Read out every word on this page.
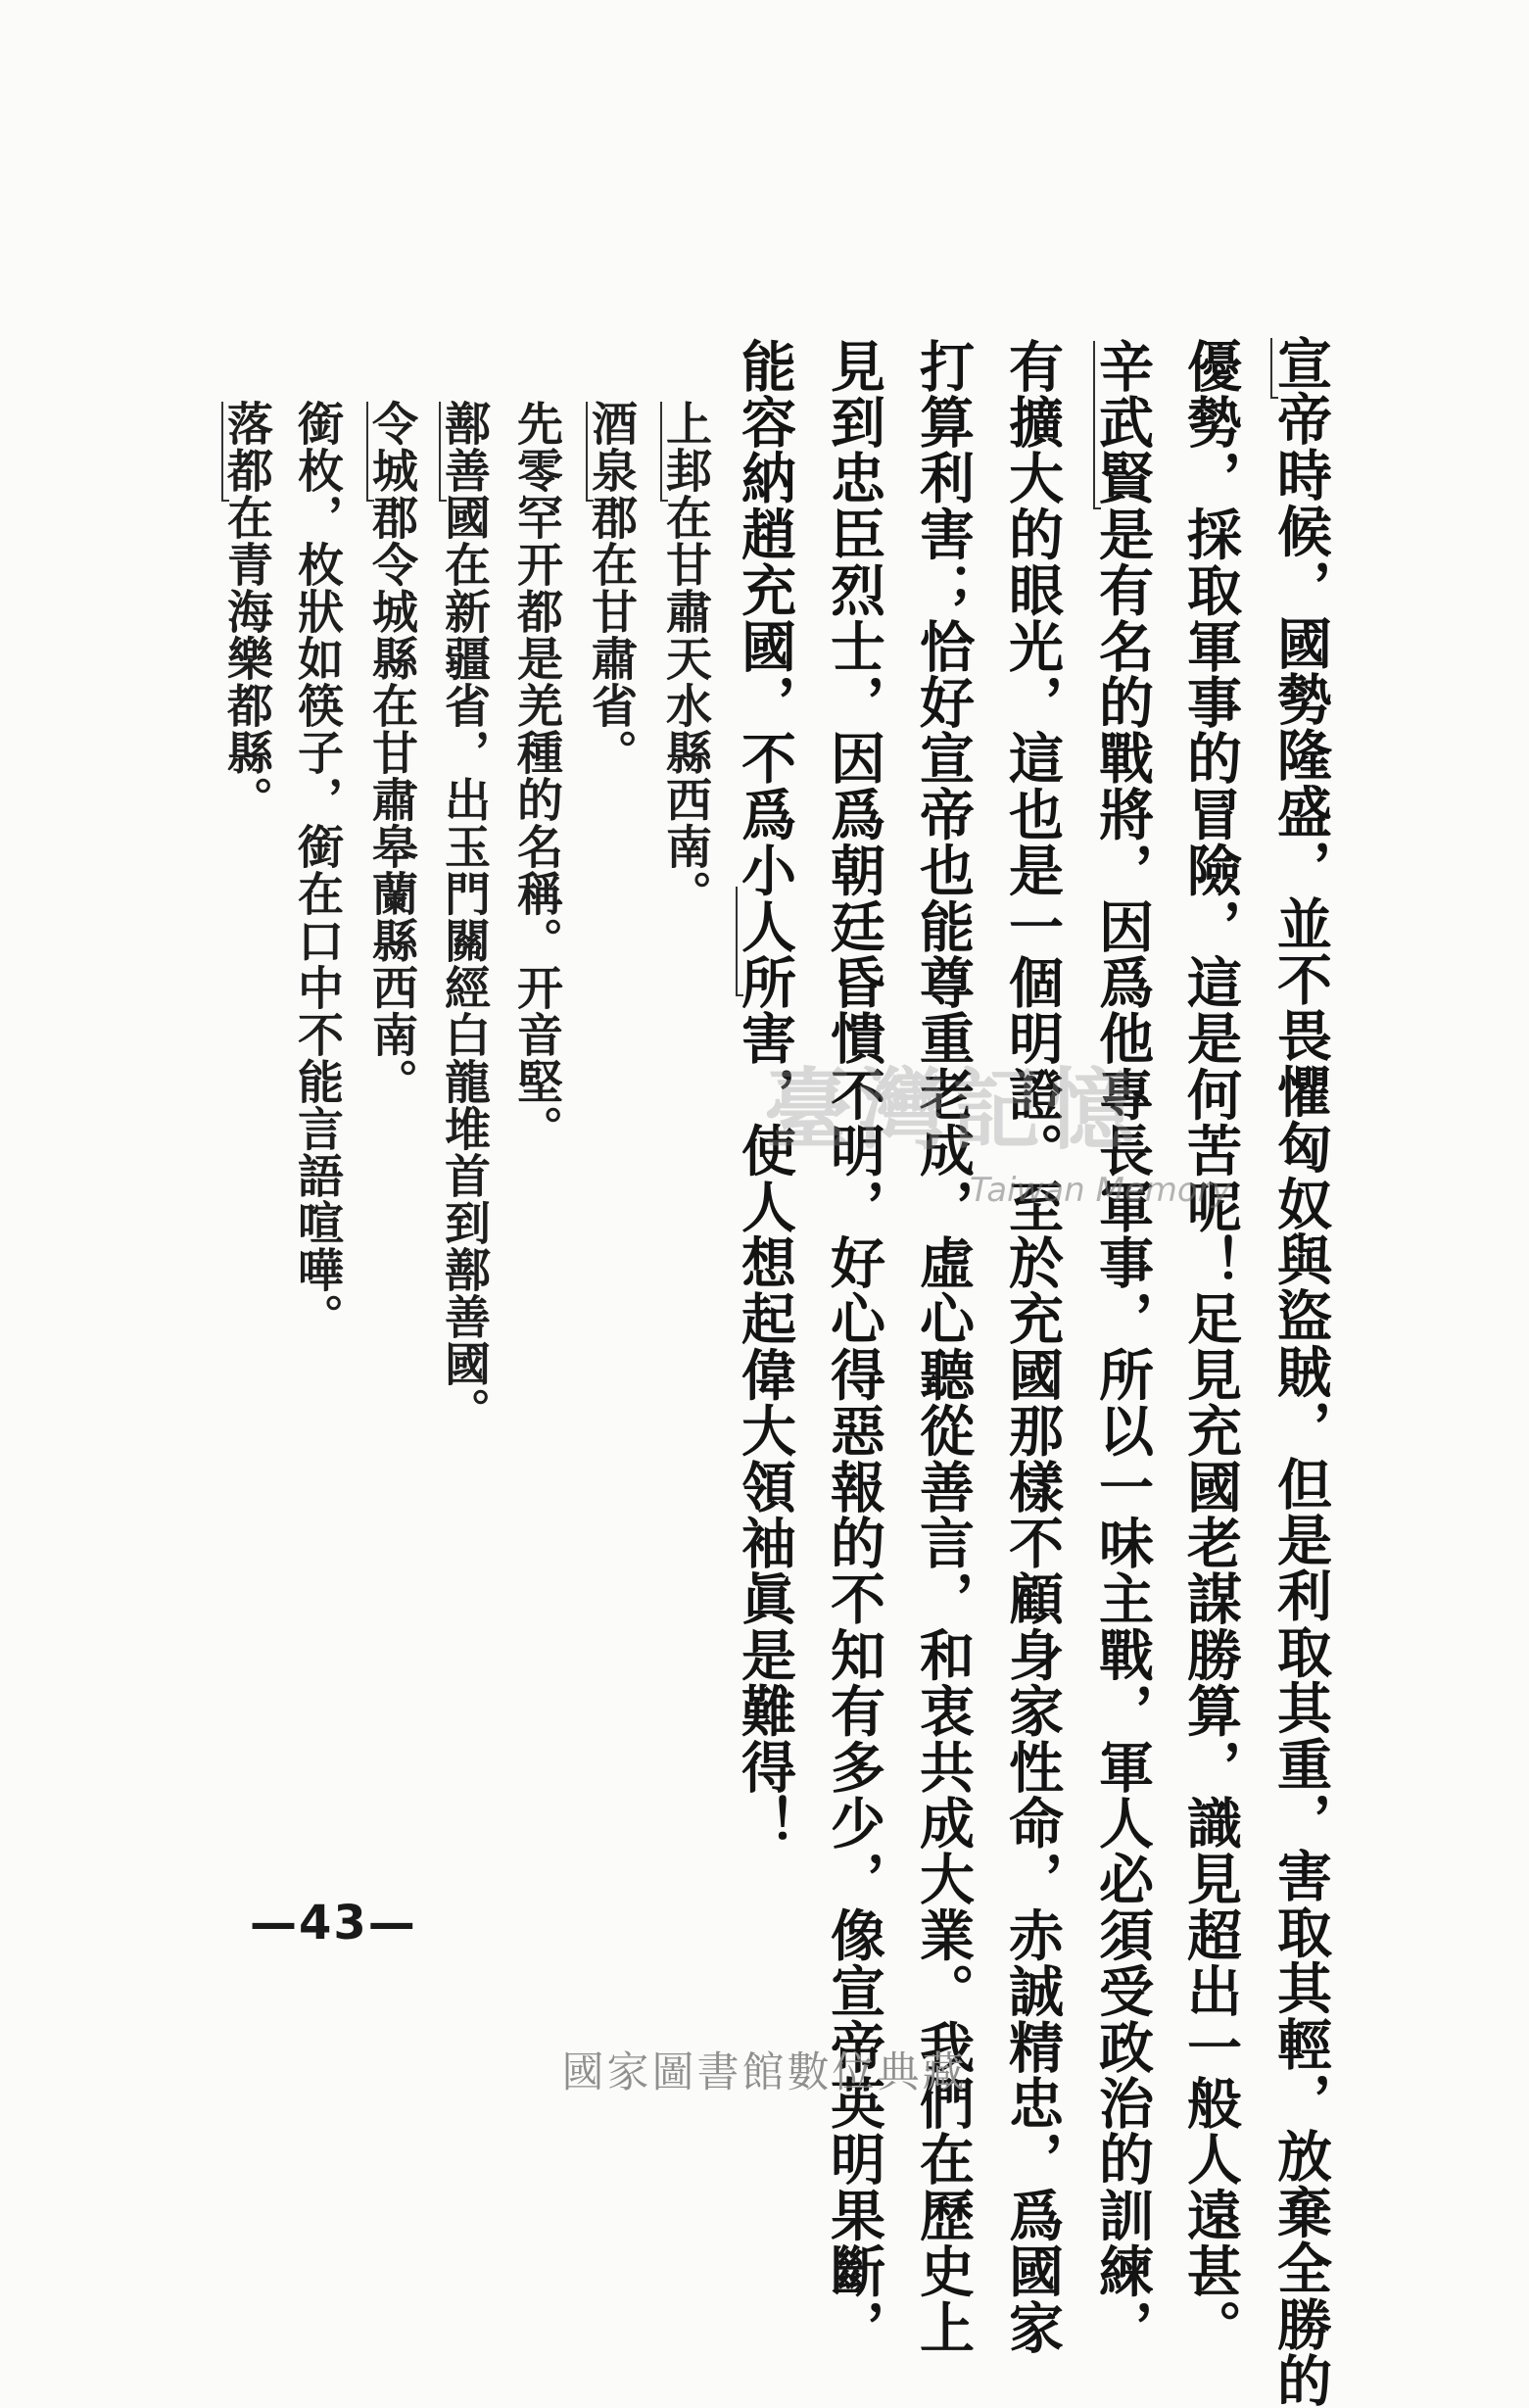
宣帝時候，國勢隆盛，並不畏懼匈奴與盜賊，但是利取其重，害取其輕，放棄全勝的
優勢，採取軍事的冒險，這是何苦呢！足見充國老謀勝算，識見超出一般人遠甚。
辛武賢是有名的戰將，因爲他專長軍事，所以一味主戰，軍人必須受政治的訓練，
有擴大的眼光，這也是一個明證。至於充國那樣不顧身家性命，赤誠精忠，爲國家
打算利害；恰好宣帝也能尊重老成，虛心聽從善言，和衷共成大業。我們在歷史上
見到忠臣烈士，因爲朝廷昏憒不明，好心得惡報的不知有多少，像宣帝英明果斷，
能容納趙充國，不爲小人所害，使人想起偉大領袖眞是難得！
上邽在甘肅天水縣西南。
酒泉郡在甘肅省。
先零罕开都是羌種的名稱。开音堅。
鄯善國在新疆省，出玉門關經白龍堆首到鄯善國。
令城郡令城縣在甘肅皋蘭縣西南。
銜枚，枚狀如筷子，銜在口中不能言語喧嘩。
落都在青海樂都縣。
臺灣記憶
Taiwan Memory
—43—
國家圖書館數位典藏
